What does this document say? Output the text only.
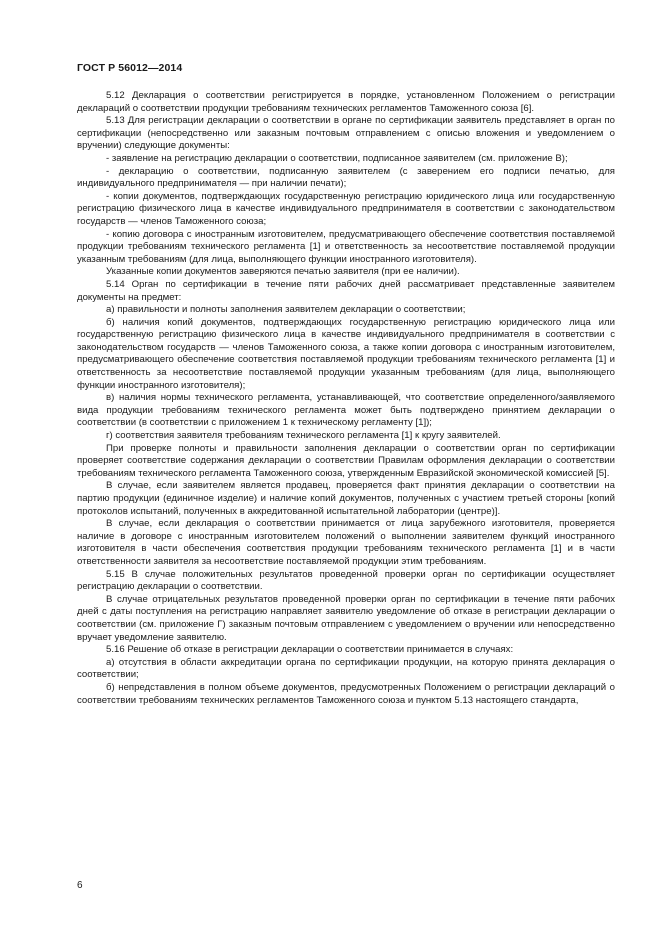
ГОСТ Р 56012—2014

5.12 Декларация о соответствии регистрируется в порядке, установленном Положением о регистрации деклараций о соответствии продукции требованиям технических регламентов Таможенного союза [6].

5.13 Для регистрации декларации о соответствии в органе по сертификации заявитель представляет в орган по сертификации (непосредственно или заказным почтовым отправлением с описью вложения и уведомлением о вручении) следующие документы:

- заявление на регистрацию декларации о соответствии, подписанное заявителем (см. приложение В);

- декларацию о соответствии, подписанную заявителем (с заверением его подписи печатью, для индивидуального предпринимателя — при наличии печати);

- копии документов, подтверждающих государственную регистрацию юридического лица или государственную регистрацию физического лица в качестве индивидуального предпринимателя в соответствии с законодательством государств — членов Таможенного союза;

- копию договора с иностранным изготовителем, предусматривающего обеспечение соответствия поставляемой продукции требованиям технического регламента [1] и ответственность за несоответствие поставляемой продукции указанным требованиям (для лица, выполняющего функции иностранного изготовителя).

Указанные копии документов заверяются печатью заявителя (при ее наличии).

5.14 Орган по сертификации в течение пяти рабочих дней рассматривает представленные заявителем документы на предмет:

а) правильности и полноты заполнения заявителем декларации о соответствии;

б) наличия копий документов, подтверждающих государственную регистрацию юридического лица или государственную регистрацию физического лица в качестве индивидуального предпринимателя в соответствии с законодательством государств — членов Таможенного союза, а также копии договора с иностранным изготовителем, предусматривающего обеспечение соответствия поставляемой продукции требованиям технического регламента [1] и ответственность за несоответствие поставляемой продукции указанным требованиям (для лица, выполняющего функции иностранного изготовителя);

в) наличия нормы технического регламента, устанавливающей, что соответствие определенного/заявляемого вида продукции требованиям технического регламента может быть подтверждено принятием декларации о соответствии (в соответствии с приложением 1 к техническому регламенту [1]);

г) соответствия заявителя требованиям технического регламента [1] к кругу заявителей.

При проверке полноты и правильности заполнения декларации о соответствии орган по сертификации проверяет соответствие содержания декларации о соответствии Правилам оформления декларации о соответствии требованиям технического регламента Таможенного союза, утвержденным Евразийской экономической комиссией [5].

В случае, если заявителем является продавец, проверяется факт принятия декларации о соответствии на партию продукции (единичное изделие) и наличие копий документов, полученных с участием третьей стороны [копий протоколов испытаний, полученных в аккредитованной испытательной лаборатории (центре)].

В случае, если декларация о соответствии принимается от лица зарубежного изготовителя, проверяется наличие в договоре с иностранным изготовителем положений о выполнении заявителем функций иностранного изготовителя в части обеспечения соответствия продукции требованиям технического регламента [1] и в части ответственности заявителя за несоответствие поставляемой продукции этим требованиям.

5.15 В случае положительных результатов проведенной проверки орган по сертификации осуществляет регистрацию декларации о соответствии.

В случае отрицательных результатов проведенной проверки орган по сертификации в течение пяти рабочих дней с даты поступления на регистрацию направляет заявителю уведомление об отказе в регистрации декларации о соответствии (см. приложение Г) заказным почтовым отправлением с уведомлением о вручении или непосредственно вручает уведомление заявителю.

5.16 Решение об отказе в регистрации декларации о соответствии принимается в случаях:

а) отсутствия в области аккредитации органа по сертификации продукции, на которую принята декларация о соответствии;

б) непредставления в полном объеме документов, предусмотренных Положением о регистрации деклараций о соответствии требованиям технических регламентов Таможенного союза и пунктом 5.13 настоящего стандарта,

6
